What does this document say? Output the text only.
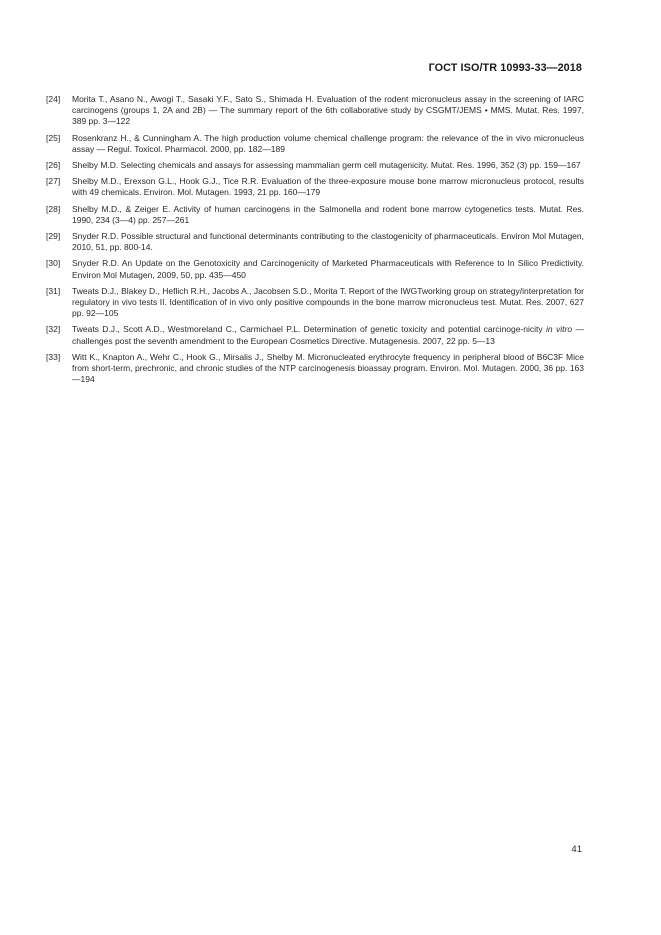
ГОСТ ISO/TR 10993-33—2018
[24]	Morita T., Asano N., Awogi T., Sasaki Y.F., Sato S., Shimada H. Evaluation of the rodent micronucleus assay in the screening of IARC carcinogens (groups 1, 2A and 2B) — The summary report of the 6th collaborative study by CSGMT/JEMS • MMS. Mutat. Res. 1997, 389 pp. 3—122
[25]	Rosenkranz H., & Cunningham A. The high production volume chemical challenge program: the relevance of the in vivo micronucleus assay — Regul. Toxicol. Pharmacol. 2000, pp. 182—189
[26]	Shelby M.D. Selecting chemicals and assays for assessing mammalian germ cell mutagenicity. Mutat. Res. 1996, 352 (3) pp. 159—167
[27]	Shelby M.D., Erexson G.L., Hook G.J., Tice R.R. Evaluation of the three-exposure mouse bone marrow micronucleus protocol, results with 49 chemicals. Environ. Mol. Mutagen. 1993, 21 pp. 160—179
[28]	Shelby M.D., & Zeiger E. Activity of human carcinogens in the Salmonella and rodent bone marrow cytogenetics tests. Mutat. Res. 1990, 234 (3—4) pp. 257—261
[29]	Snyder R.D. Possible structural and functional determinants contributing to the clastogenicity of pharmaceuticals. Environ Mol Mutagen, 2010, 51, pp. 800-14.
[30]	Snyder R.D. An Update on the Genotoxicity and Carcinogenicity of Marketed Pharmaceuticals with Reference to In Silico Predictivity. Environ Mol Mutagen, 2009, 50, pp. 435—450
[31]	Tweats D.J., Blakey D., Heflich R.H., Jacobs A., Jacobsen S.D., Morita T. Report of the IWGTworking group on strategy/interpretation for regulatory in vivo tests II. Identification of in vivo only positive compounds in the bone marrow micronucleus test. Mutat. Res. 2007, 627 pp. 92—105
[32]	Tweats D.J., Scott A.D., Westmoreland C., Carmichael P.L. Determination of genetic toxicity and potential carcinoge-nicity in vitro — challenges post the seventh amendment to the European Cosmetics Directive. Mutagenesis. 2007, 22 pp. 5—13
[33]	Witt K., Knapton A., Wehr C., Hook G., Mirsalis J., Shelby M. Micronucleated erythrocyte frequency in peripheral blood of B6C3F Mice from short-term, prechronic, and chronic studies of the NTP carcinogenesis bioassay program. Environ. Mol. Mutagen. 2000, 36 pp. 163—194
41
